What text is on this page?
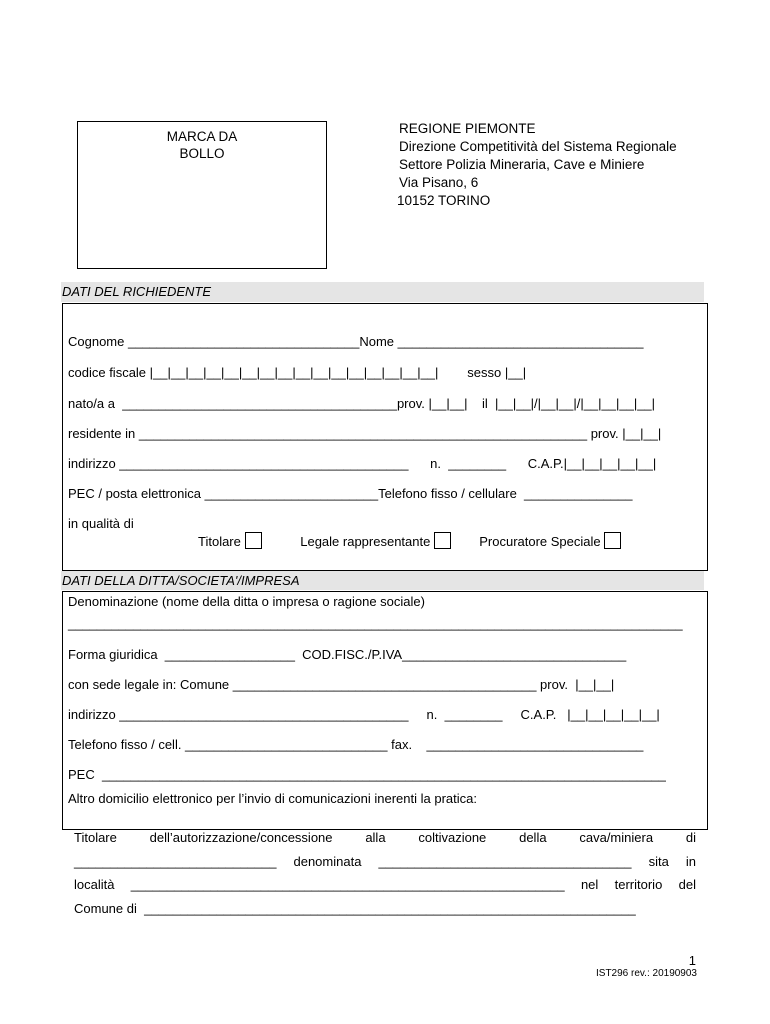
MARCA DA
BOLLO
REGIONE PIEMONTE
Direzione Competitività del Sistema Regionale
Settore Polizia Mineraria, Cave e Miniere
Via Pisano, 6
10152 TORINO
DATI DEL RICHIEDENTE
Cognome ________________________________Nome __________________________________
codice fiscale |__|__|__|__|__|__|__|__|__|__|__|__|__|__|__|__|        sesso |__|
nato/a a  ______________________________________prov. |__|__|    il  |__|__|/|__|__|/|__|__|__|__|
residente in ______________________________________________________________ prov. |__|__|
indirizzo ________________________________________      n.  ________      C.A.P.|__|__|__|__|__|
PEC / posta elettronica ________________________Telefono fisso / cellulare  _______________
in qualità di

Titolare	Legale rappresentante	Procuratore Speciale

DATI DELLA DITTA/SOCIETA'/IMPRESA
Denominazione (nome della ditta o impresa o ragione sociale)
_____________________________________________________________________________________
Forma giuridica  __________________  COD.FISC./P.IVA_______________________________
con sede legale in: Comune __________________________________________ prov.  |__|__|
indirizzo ________________________________________     n.  ________     C.A.P.   |__|__|__|__|__|
Telefono fisso / cell. ____________________________ fax.    ______________________________
PEC  ______________________________________________________________________________
Altro domicilio elettronico per l’invio di comunicazioni inerenti la pratica:
Titolare	dell’autorizzazione/concessione	alla	coltivazione	della	cava/miniera	di
____________________________ denominata ___________________________________ sita in
località ____________________________________________________________ nel territorio del
Comune di  ____________________________________________________________________
1
IST296 rev.: 20190903
